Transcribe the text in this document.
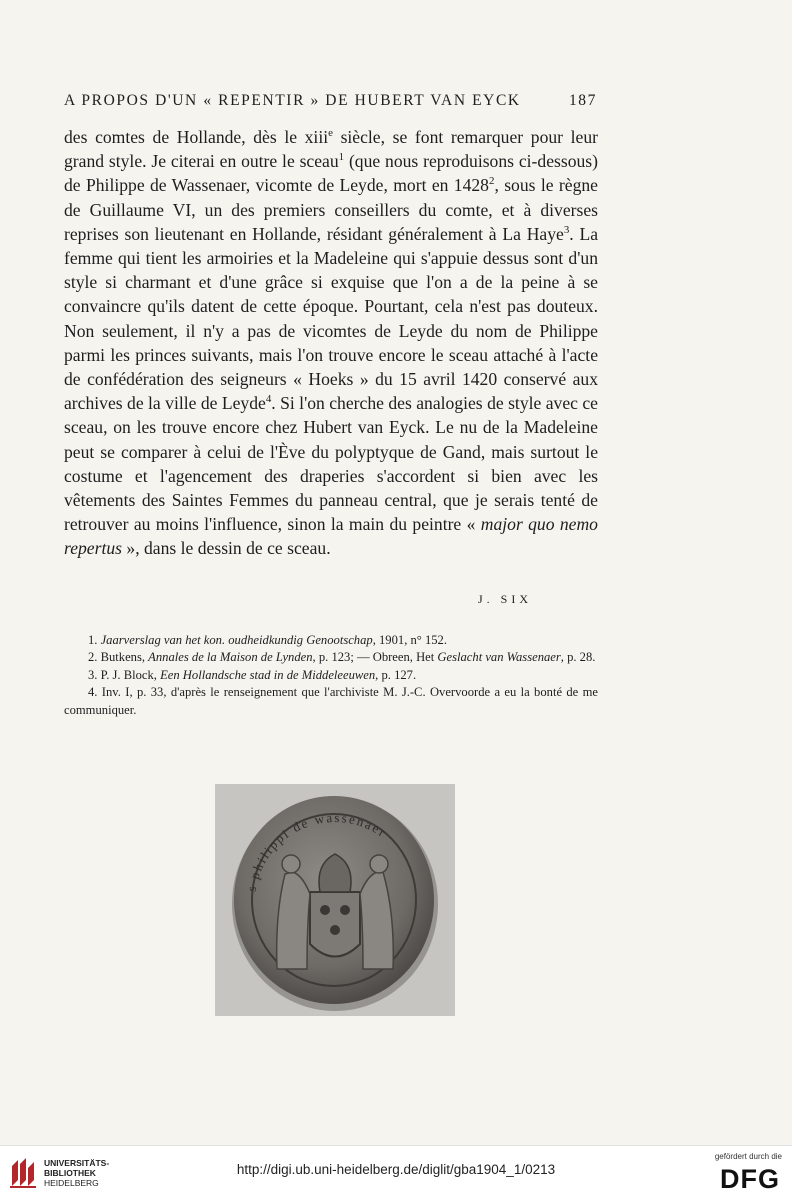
A PROPOS D'UN « REPENTIR » DE HUBERT VAN EYCK	187

des comtes de Hollande, dès le xiii$^e$ siècle, se font remarquer pour leur grand style. Je citerai en outre le sceau$^1$ (que nous reproduisons ci-dessous) de Philippe de Wassenaer, vicomte de Leyde, mort en 1428$^2$, sous le règne de Guillaume VI, un des premiers conseillers du comte, et à diverses reprises son lieutenant en Hollande, résidant généralement à La Haye$^3$. La femme qui tient les armoiries et la Madeleine qui s'appuie dessus sont d'un style si charmant et d'une grâce si exquise que l'on a de la peine à se convaincre qu'ils datent de cette époque. Pourtant, cela n'est pas douteux. Non seulement, il n'y a pas de vicomtes de Leyde du nom de Philippe parmi les princes suivants, mais l'on trouve encore le sceau attaché à l'acte de confédération des seigneurs « Hoeks » du 15 avril 1420 conservé aux archives de la ville de Leyde$^4$. Si l'on cherche des analogies de style avec ce sceau, on les trouve encore chez Hubert van Eyck. Le nu de la Madeleine peut se comparer à celui de l'Ève du polyptyque de Gand, mais surtout le costume et l'agencement des draperies s'accordent si bien avec les vêtements des Saintes Femmes du panneau central, que je serais tenté de retrouver au moins l'influence, sinon la main du peintre « major quo nemo repertus », dans le dessin de ce sceau.

J. SIX

1. Jaarverslag van het kon. oudheidkundig Genootschap, 1901, n° 152.

2. Butkens, Annales de la Maison de Lynden, p. 123; — Obreen, Het Geslacht van Wassenaer, p. 28.

3. P. J. Block, Een Hollandsche stad in de Middeleeuwen, p. 127.

4. Inv. I, p. 33, d'après le renseignement que l'archiviste M. J.-C. Overvoorde a eu la bonté de me communiquer.

s philippi de wassenaer
UNIVERSITÄTS-
BIBLIOTHEK
HEIDELBERG
http://digi.ub.uni-heidelberg.de/diglit/gba1904_1/0213
gefördert durch die
DFG
